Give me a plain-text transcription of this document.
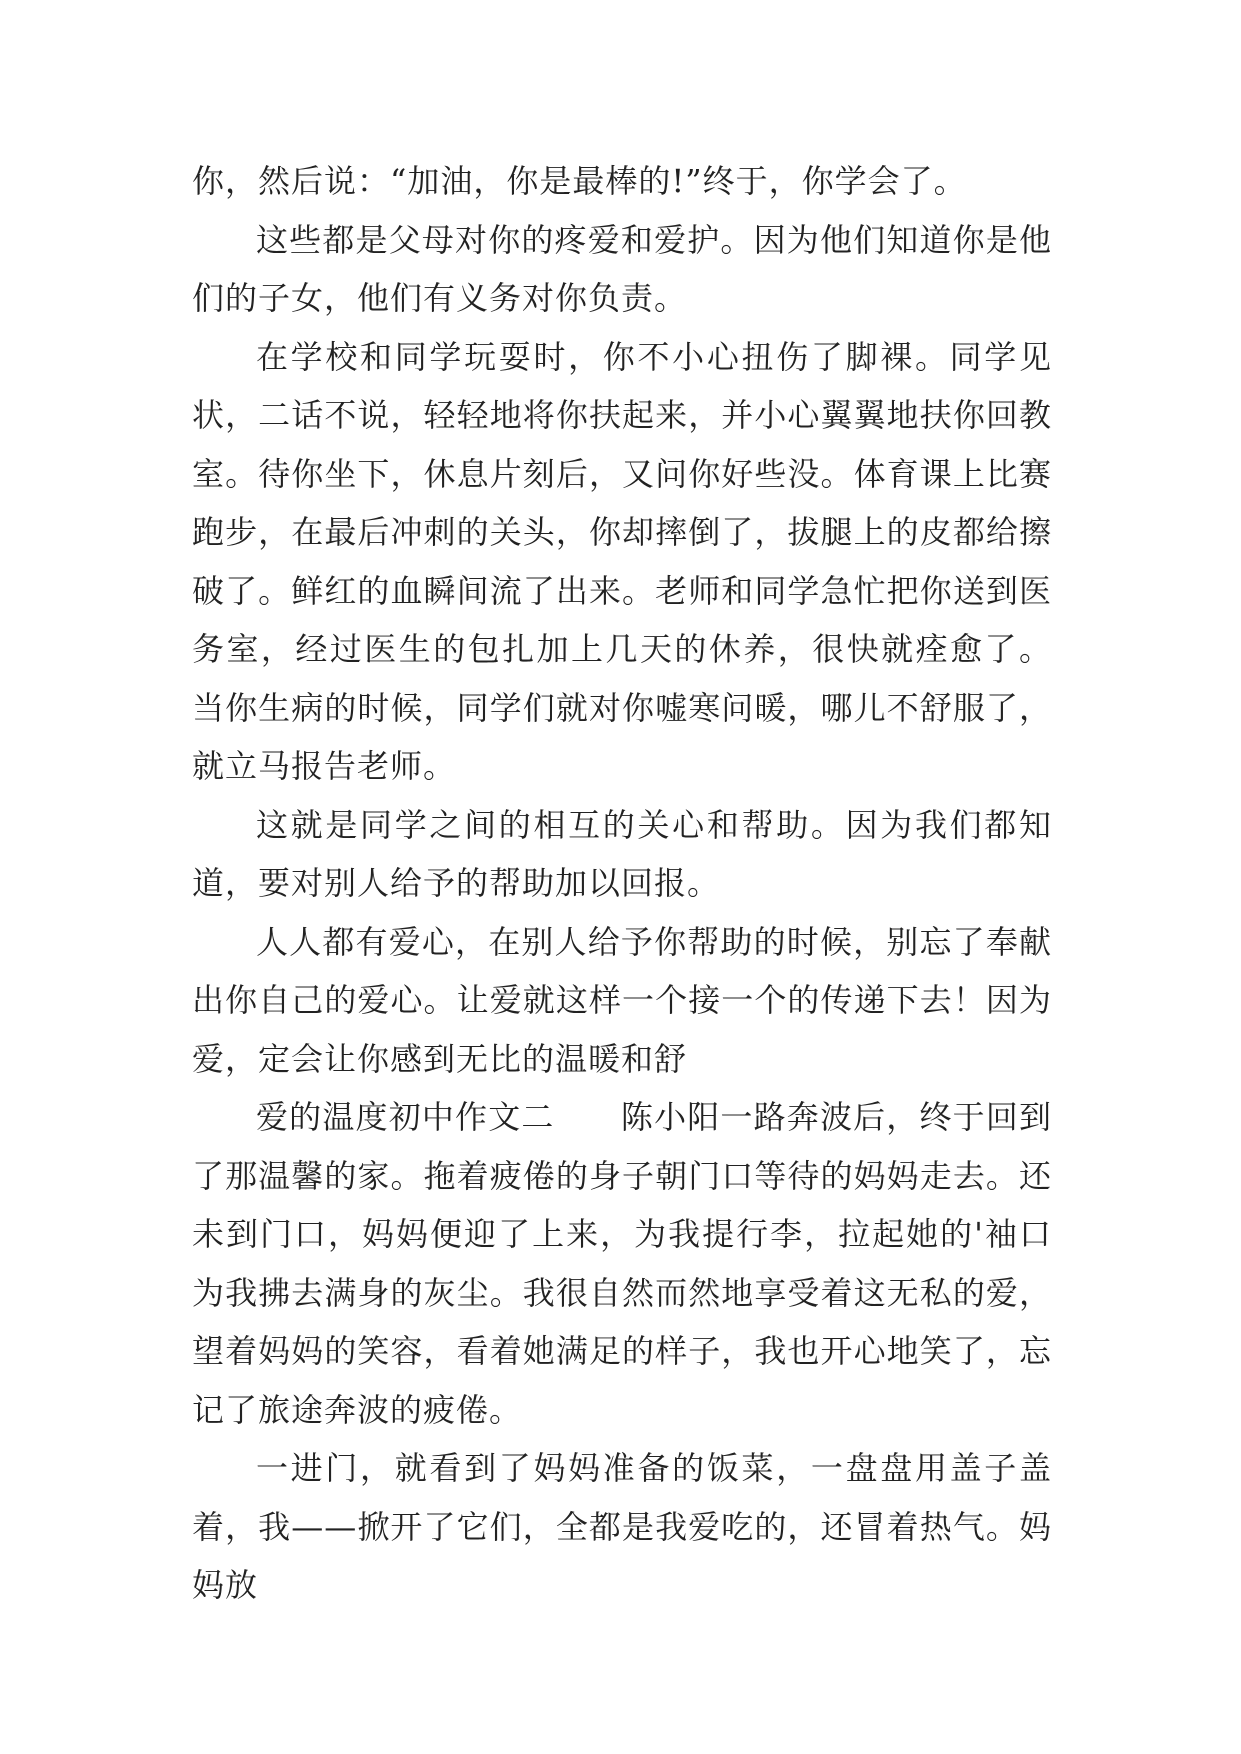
你，然后说：“加油，你是最棒的!”终于，你学会了。

这些都是父母对你的疼爱和爱护。因为他们知道你是他们的子女，他们有义务对你负责。

在学校和同学玩耍时，你不小心扭伤了脚裸。同学见状，二话不说，轻轻地将你扶起来，并小心翼翼地扶你回教室。待你坐下，休息片刻后，又问你好些没。体育课上比赛跑步，在最后冲刺的关头，你却摔倒了，拔腿上的皮都给擦破了。鲜红的血瞬间流了出来。老师和同学急忙把你送到医务室，经过医生的包扎加上几天的休养，很快就痊愈了。 当你生病的时候，同学们就对你嘘寒问暖，哪儿不舒服了，就立马报告老师。

这就是同学之间的相互的关心和帮助。因为我们都知道，要对别人给予的帮助加以回报。

人人都有爱心，在别人给予你帮助的时候，别忘了奉献出你自己的爱心。让爱就这样一个接一个的传递下去！因为爱，定会让你感到无比的温暖和舒

爱的温度初中作文二　　陈小阳一路奔波后，终于回到了那温馨的家。拖着疲倦的身子朝门口等待的妈妈走去。还未到门口，妈妈便迎了上来，为我提行李，拉起她的'袖口为我拂去满身的灰尘。我很自然而然地享受着这无私的爱，望着妈妈的笑容，看着她满足的样子，我也开心地笑了，忘记了旅途奔波的疲倦。

一进门，就看到了妈妈准备的饭菜，一盘盘用盖子盖着，我——掀开了它们，全都是我爱吃的，还冒着热气。妈妈放
